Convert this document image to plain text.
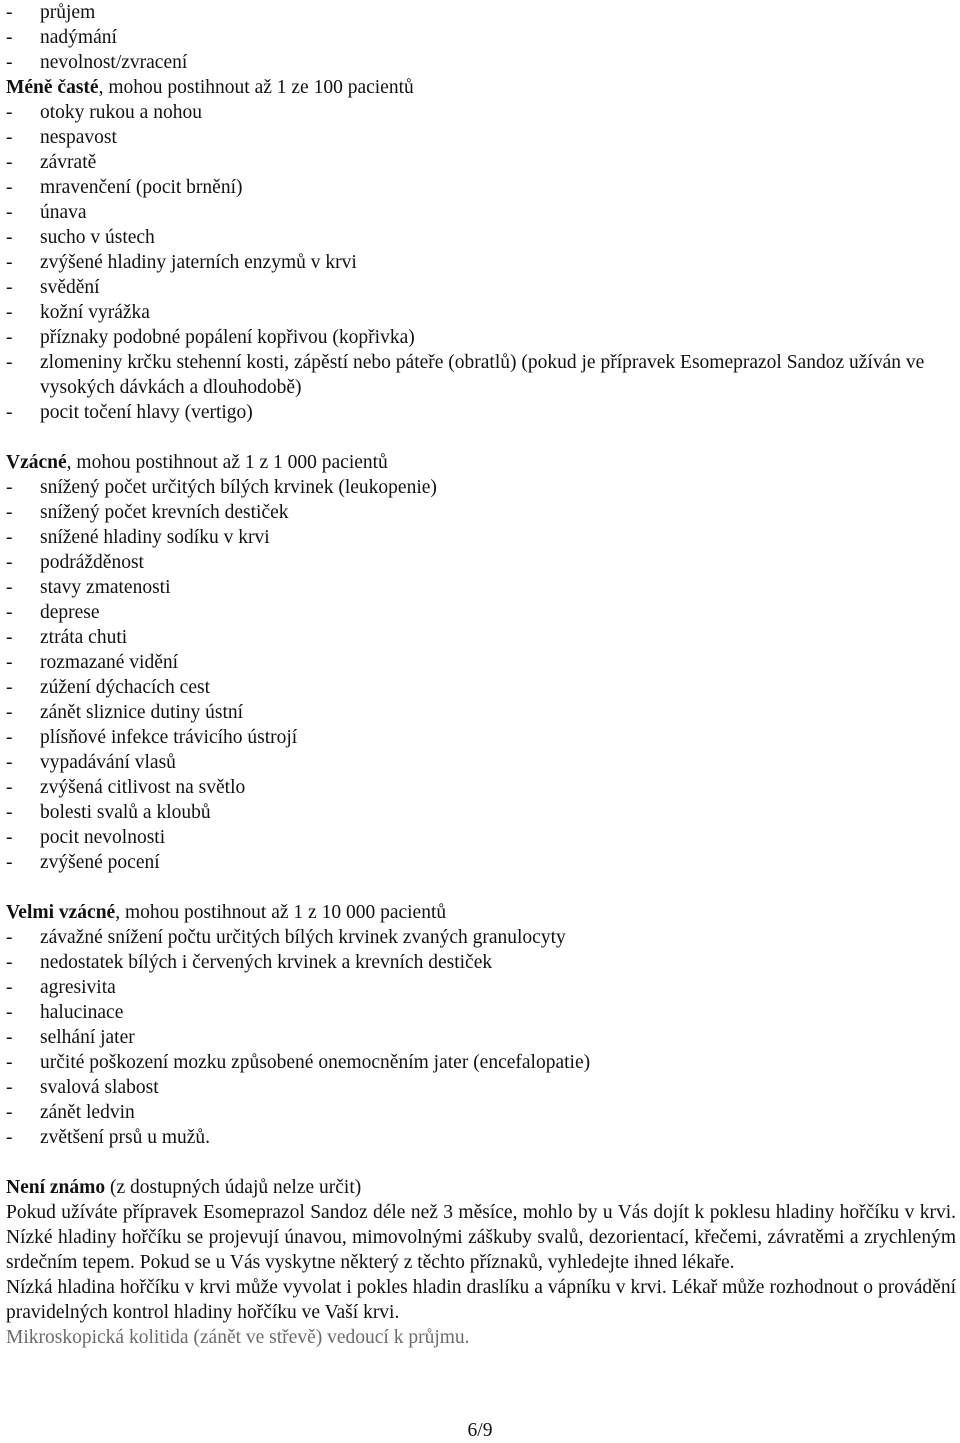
-	průjem
-	nadýmání
-	nevolnost/zvracení
Méně časté, mohou postihnout až 1 ze 100 pacientů
-	otoky rukou a nohou
-	nespavost
-	závratě
-	mravenčení (pocit brnění)
-	únava
-	sucho v ústech
-	zvýšené hladiny jaterních enzymů v krvi
-	svědění
-	kožní vyrážka
-	příznaky podobné popálení kopřivou (kopřivka)
-	zlomeniny krčku stehenní kosti, zápěstí nebo páteře (obratlů) (pokud je přípravek Esomeprazol Sandoz užíván ve vysokých dávkách a dlouhodobě)
-	pocit točení hlavy (vertigo)
Vzácné, mohou postihnout až 1 z 1 000 pacientů
-	snížený počet určitých bílých krvinek (leukopenie)
-	snížený počet krevních destiček
-	snížené hladiny sodíku v krvi
-	podrážděnost
-	stavy zmatenosti
-	deprese
-	ztráta chuti
-	rozmazané vidění
-	zúžení dýchacích cest
-	zánět sliznice dutiny ústní
-	plísňové infekce trávicího ústrojí
-	vypadávání vlasů
-	zvýšená citlivost na světlo
-	bolesti svalů a kloubů
-	pocit nevolnosti
-	zvýšené pocení
Velmi vzácné, mohou postihnout až 1 z 10 000 pacientů
-	závažné snížení počtu určitých bílých krvinek zvaných granulocyty
-	nedostatek bílých i červených krvinek a krevních destiček
-	agresivita
-	halucinace
-	selhání jater
-	určité poškození mozku způsobené onemocněním jater (encefalopatie)
-	svalová slabost
-	zánět ledvin
-	zvětšení prsů u mužů.
Není známo (z dostupných údajů nelze určit)
Pokud užíváte přípravek Esomeprazol Sandoz déle než 3 měsíce, mohlo by u Vás dojít k poklesu hladiny hořčíku v krvi. Nízké hladiny hořčíku se projevují únavou, mimovolnými záškuby svalů, dezorientací, křečemi, závratěmi a zrychleným srdečním tepem. Pokud se u Vás vyskytne některý z těchto příznaků, vyhledejte ihned lékaře.
Nízká hladina hořčíku v krvi může vyvolat i pokles hladin draslíku a vápníku v krvi. Lékař může rozhodnout o provádění pravidelných kontrol hladiny hořčíku ve Vaší krvi.
Mikroskopická kolitida (zánět ve střevě) vedoucí k průjmu.
6/9
